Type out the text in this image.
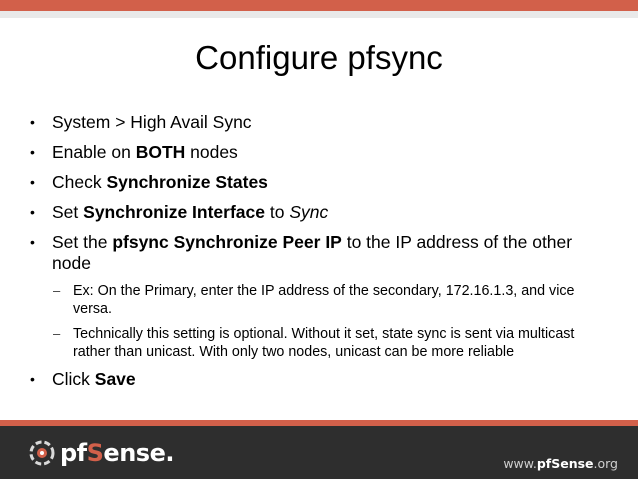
Configure pfsync
• System > High Avail Sync
• Enable on BOTH nodes
• Check Synchronize States
• Set Synchronize Interface to Sync
• Set the pfsync Synchronize Peer IP to the IP address of the other node
– Ex: On the Primary, enter the IP address of the secondary, 172.16.1.3, and vice versa.
– Technically this setting is optional. Without it set, state sync is sent via multicast rather than unicast. With only two nodes, unicast can be more reliable
• Click Save
pfSense.	www.pfSense.org
